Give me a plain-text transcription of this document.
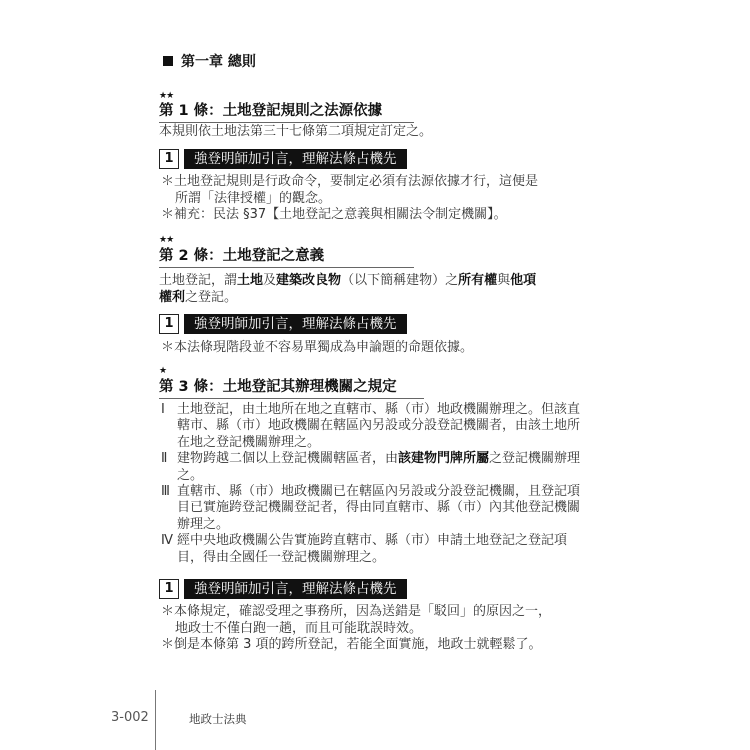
第一章 總則
★★
第 1 條：土地登記規則之法源依據
本規則依土地法第三十七條第二項規定訂定之。
1	強登明師加引言，理解法條占機先
＊土地登記規則是行政命令，要制定必須有法源依據才行，這便是
所謂「法律授權」的觀念。
＊補充：民法 §37【土地登記之意義與相關法令制定機關】。
★★
第 2 條：土地登記之意義
土地登記，謂土地及建築改良物（以下簡稱建物）之所有權與他項
權利之登記。
1	強登明師加引言，理解法條占機先
＊本法條現階段並不容易單獨成為申論題的命題依據。
★
第 3 條：土地登記其辦理機關之規定
Ⅰ 土地登記，由土地所在地之直轄市、縣（市）地政機關辦理之。但該直轄市、縣（市）地政機關在轄區內另設或分設登記機關者，由該土地所在地之登記機關辦理之。
Ⅱ 建物跨越二個以上登記機關轄區者，由該建物門牌所屬之登記機關辦理之。
Ⅲ 直轄市、縣（市）地政機關已在轄區內另設或分設登記機關，且登記項目已實施跨登記機關登記者，得由同直轄市、縣（市）內其他登記機關辦理之。
Ⅳ 經中央地政機關公告實施跨直轄市、縣（市）申請土地登記之登記項目，得由全國任一登記機關辦理之。
1	強登明師加引言，理解法條占機先
＊本條規定，確認受理之事務所，因為送錯是「駁回」的原因之一，
地政士不僅白跑一趟，而且可能耽誤時效。
＊倒是本條第 3 項的跨所登記，若能全面實施，地政士就輕鬆了。
3-002	地政士法典
